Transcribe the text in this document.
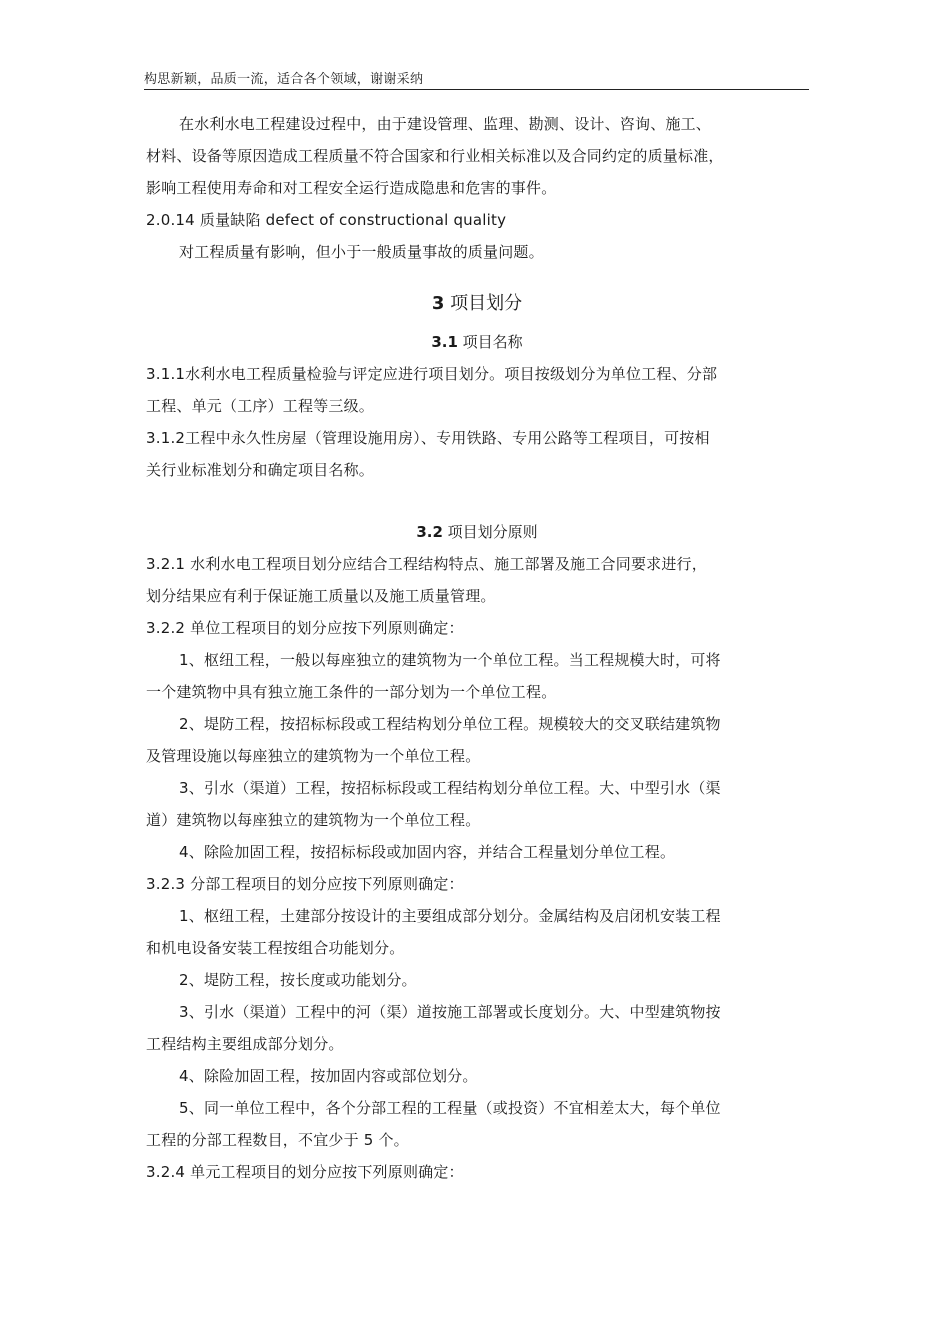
构思新颖，品质一流，适合各个领域，谢谢采纳
在水利水电工程建设过程中，由于建设管理、监理、勘测、设计、咨询、施工、
材料、设备等原因造成工程质量不符合国家和行业相关标准以及合同约定的质量标准，
影响工程使用寿命和对工程安全运行造成隐患和危害的事件。
2.0.14 质量缺陷 defect of constructional quality
对工程质量有影响，但小于一般质量事故的质量问题。
3 项目划分
3.1 项目名称
3.1.1水利水电工程质量检验与评定应进行项目划分。项目按级划分为单位工程、分部
工程、单元（工序）工程等三级。
3.1.2工程中永久性房屋（管理设施用房）、专用铁路、专用公路等工程项目，可按相
关行业标准划分和确定项目名称。
3.2 项目划分原则
3.2.1 水利水电工程项目划分应结合工程结构特点、施工部署及施工合同要求进行，
划分结果应有利于保证施工质量以及施工质量管理。
3.2.2 单位工程项目的划分应按下列原则确定：
1、枢纽工程，一般以每座独立的建筑物为一个单位工程。当工程规模大时，可将
一个建筑物中具有独立施工条件的一部分划为一个单位工程。
2、堤防工程，按招标标段或工程结构划分单位工程。规模较大的交叉联结建筑物
及管理设施以每座独立的建筑物为一个单位工程。
3、引水（渠道）工程，按招标标段或工程结构划分单位工程。大、中型引水（渠
道）建筑物以每座独立的建筑物为一个单位工程。
4、除险加固工程，按招标标段或加固内容，并结合工程量划分单位工程。
3.2.3 分部工程项目的划分应按下列原则确定：
1、枢纽工程，土建部分按设计的主要组成部分划分。金属结构及启闭机安装工程
和机电设备安装工程按组合功能划分。
2、堤防工程，按长度或功能划分。
3、引水（渠道）工程中的河（渠）道按施工部署或长度划分。大、中型建筑物按
工程结构主要组成部分划分。
4、除险加固工程，按加固内容或部位划分。
5、同一单位工程中，各个分部工程的工程量（或投资）不宜相差太大，每个单位
工程的分部工程数目，不宜少于 5 个。
3.2.4 单元工程项目的划分应按下列原则确定：
